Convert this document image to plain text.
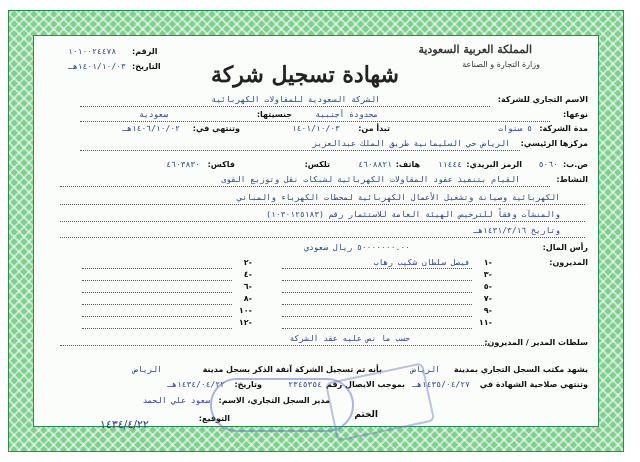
المملكة العربية السعودية
وزارة التجارة و الصناعة
الرقم:
١٠١٠٠٢٤٤٧٨
التاريخ:
١٤٠١/١٠/٠٣هـ	شهادة تسجيل شركة
الاسم التجاري للشركة:
الشركة السعودية للمقاولات الكهربائية
نوعها:
محدودة أجنبية
جنسيتها:
سعودية
مدة الشركة:
٥ سنوات
تبدأ من:
١٤٠١/١٠/٠٣
وتنتهي في:
١٤٠٦/١٠/٠٢هـ
مركزها الرئيسي:
الرياض حي السليمانية طريق الملك عبدالعزيز
ص.ب:
٥٠٦٠
الرمز البريدي:
١١٤٤٤
هاتف:
٤٦٠٨٨٢١
تلكس:
فاكس:
٤٦٠٣٨٣٠
النشاط:
القيام بتنفيذ عقود المقاولات الكهربائية لشبكات نقل وتوزيع القوى
الكهربائية وصيانة وتشغيل الأعمال الكهربائية لمحطات الكهرباء والمباني
والمنشآت وفقاً للترخيص الهيئة العامة للاستثمار رقم (١٠٣٠١٢٥١٨٣)
وتاريخ ١٤٣١/٣/١٦هـ
رأس المال:
٥٠٠٠٠٠٠٠.٠٠ ريال سعودي
المديرون:
-١
فيصل سلطان شكيب رهاب
-٢
-٣
-٤
-٥
-٦
-٧
-٨
-٩
-١٠
-١١
-١٢
سلطات المدير / المديرون:
حسب ما نص عليه عقد الشركة
يشهد مكتب السجل التجاري بمدينة
الرياض
بأنه تم تسجيل الشركة آنفة الذكر بسجل مدينة
الرياض
وتنتهي صلاحية الشهادة في
١٤٣٥/٠٤/٢٧هـ
بموجب الايصال رقم
٢٣٤٥٣٥٤
وتاريخ:
١٤٣٤/٠٤/٢٢هـ
مدير السجل التجاري، الاسم:
سعود علي الحمد
التوقيع:	الختم
١٤٣٤/٤/٢٢
